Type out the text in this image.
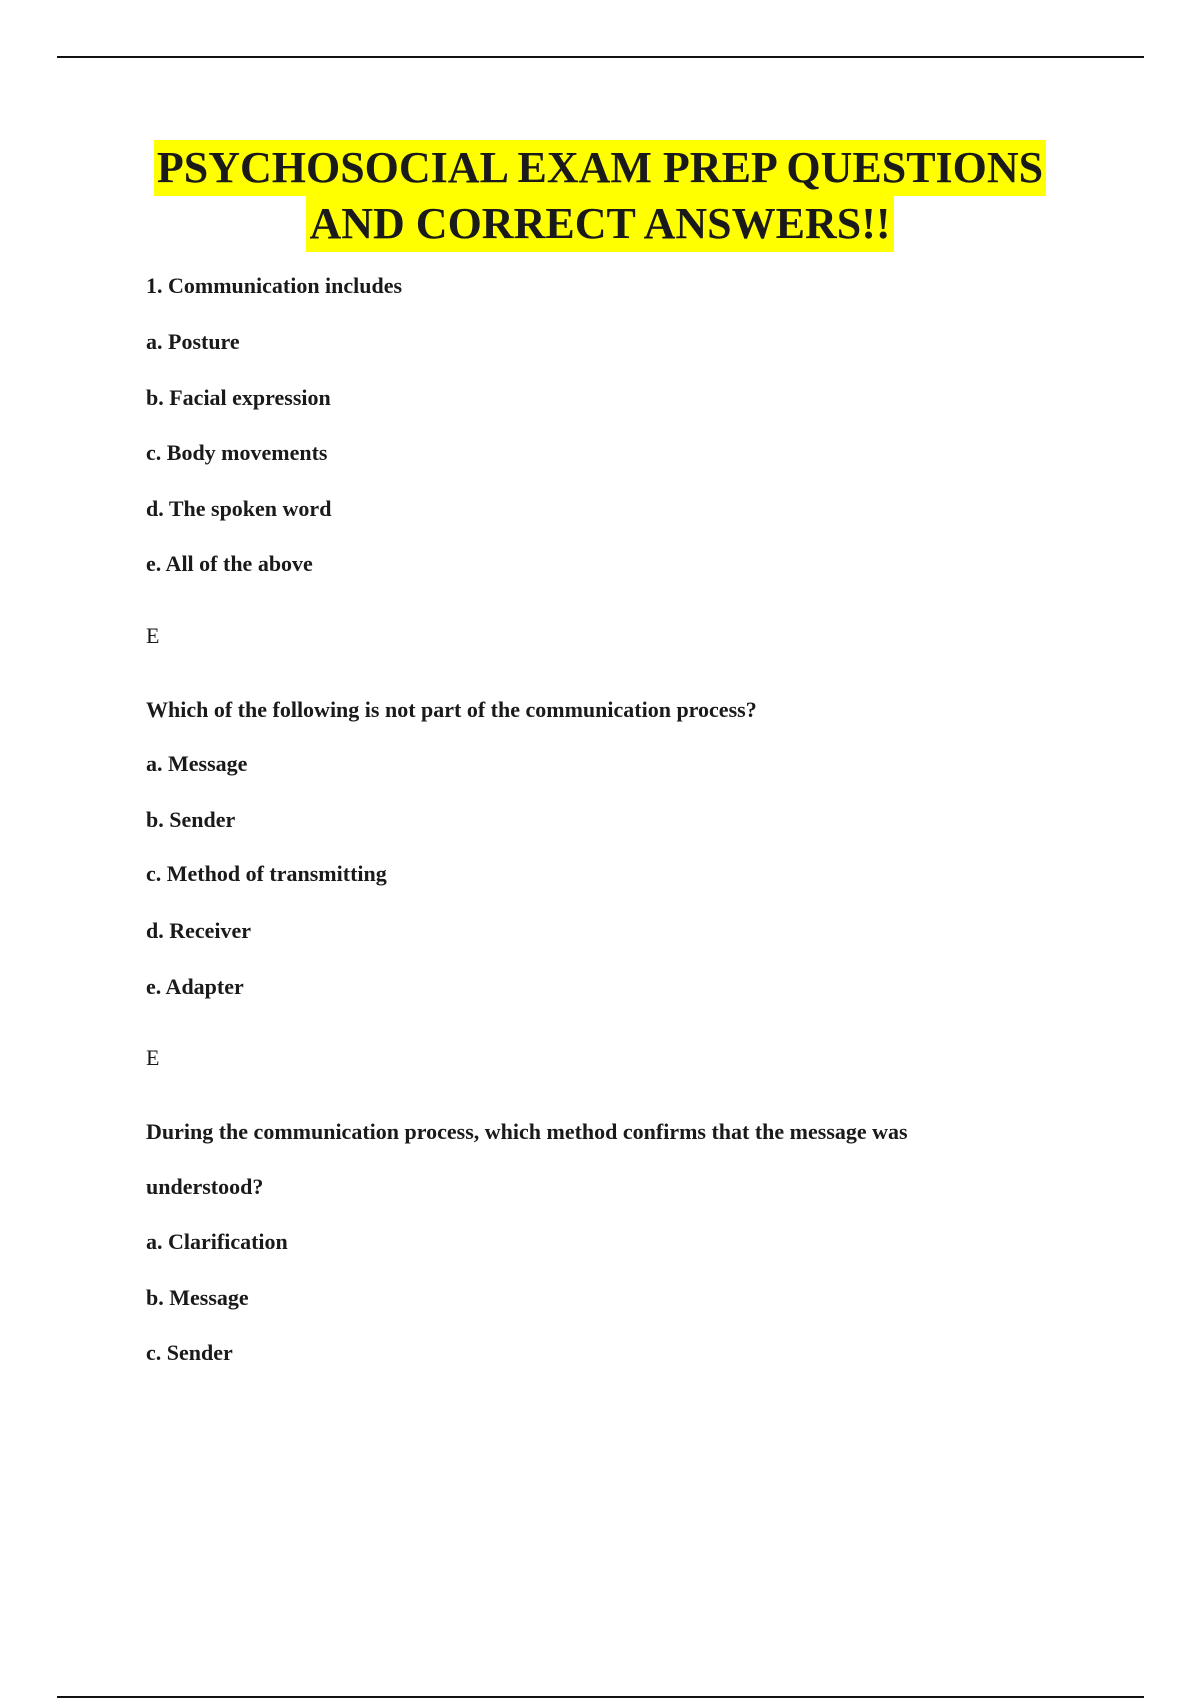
PSYCHOSOCIAL EXAM PREP QUESTIONS
AND CORRECT ANSWERS!!
1. Communication includes
a. Posture
b. Facial expression
c. Body movements
d. The spoken word
e. All of the above
E
Which of the following is not part of the communication process?
a. Message
b. Sender
c. Method of transmitting
d. Receiver
e. Adapter
E
During the communication process, which method confirms that the message was
understood?
a. Clarification
b. Message
c. Sender
